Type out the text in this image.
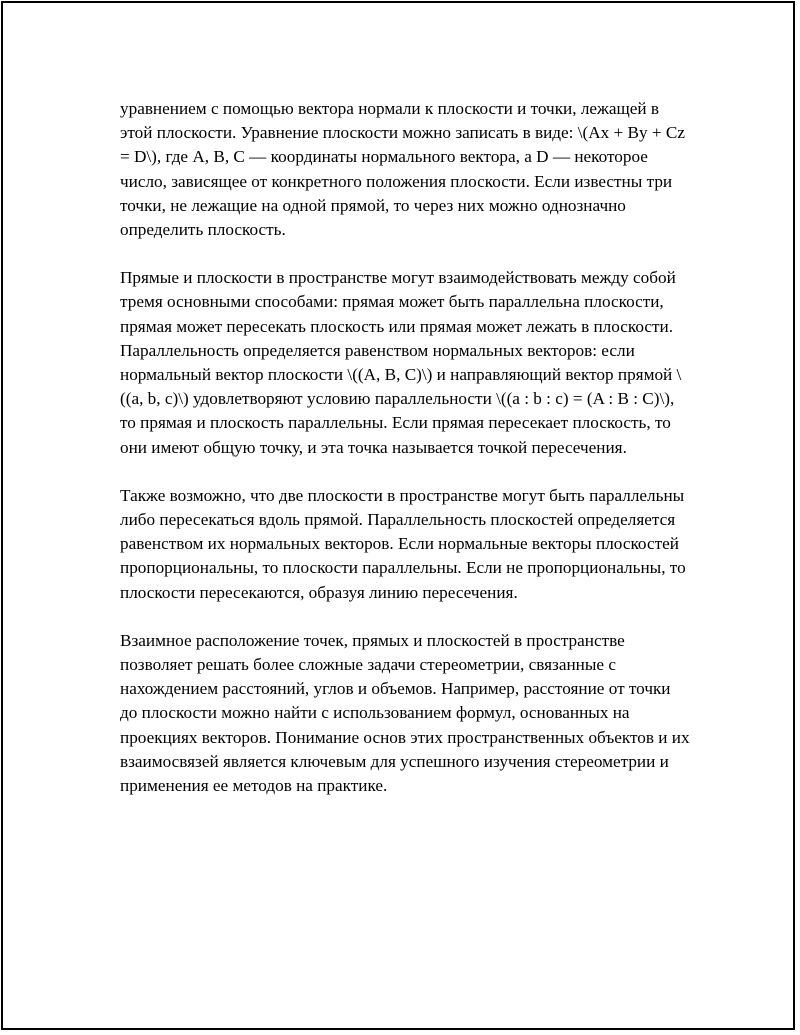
уравнением с помощью вектора нормали к плоскости и точки, лежащей в этой плоскости. Уравнение плоскости можно записать в виде: \(Ax + By + Cz = D\), где A, B, C — координаты нормального вектора, а D — некоторое число, зависящее от конкретного положения плоскости. Если известны три точки, не лежащие на одной прямой, то через них можно однозначно определить плоскость.

Прямые и плоскости в пространстве могут взаимодействовать между собой тремя основными способами: прямая может быть параллельна плоскости, прямая может пересекать плоскость или прямая может лежать в плоскости. Параллельность определяется равенством нормальных векторов: если нормальный вектор плоскости \((A, B, C)\) и направляющий вектор прямой \((a, b, c)\) удовлетворяют условию параллельности \((a : b : c) = (A : B : C)\), то прямая и плоскость параллельны. Если прямая пересекает плоскость, то они имеют общую точку, и эта точка называется точкой пересечения.

Также возможно, что две плоскости в пространстве могут быть параллельны либо пересекаться вдоль прямой. Параллельность плоскостей определяется равенством их нормальных векторов. Если нормальные векторы плоскостей пропорциональны, то плоскости параллельны. Если не пропорциональны, то плоскости пересекаются, образуя линию пересечения.

Взаимное расположение точек, прямых и плоскостей в пространстве позволяет решать более сложные задачи стереометрии, связанные с нахождением расстояний, углов и объемов. Например, расстояние от точки до плоскости можно найти с использованием формул, основанных на проекциях векторов. Понимание основ этих пространственных объектов и их взаимосвязей является ключевым для успешного изучения стереометрии и применения ее методов на практике.
